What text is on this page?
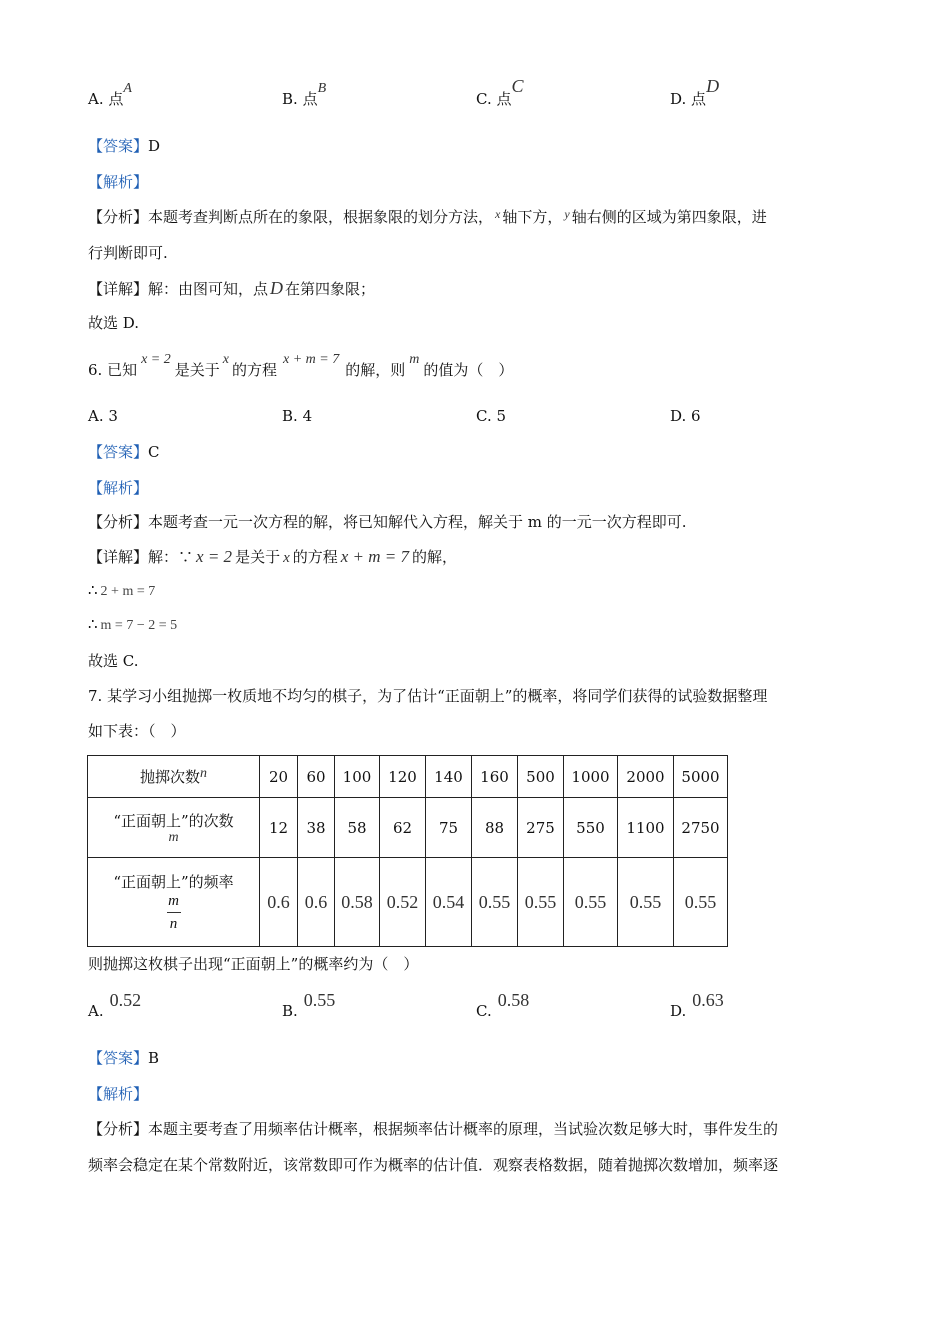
A. 点A
B. 点B
C. 点C
D. 点D
【答案】D
【解析】
【分析】本题考查判断点所在的象限，根据象限的划分方法， $^x$ 轴下方， $^y$ 轴右侧的区域为第四象限，进
行判断即可.
【详解】解：由图可知，点 D 在第四象限；
故选 D.
6. 已知x = 2是关于x的方程x + m = 7的解，则m的值为（　）
A. 3	B. 4	C. 5	D. 6
【答案】C
【解析】
【分析】本题考查一元一次方程的解，将已知解代入方程，解关于 m 的一元一次方程即可.
【详解】解：∵ x = 2 是关于 x 的方程 x + m = 7 的解，
∴ 2 + m = 7
∴ m = 7 − 2 = 5
故选 C.
7. 某学习小组抛掷一枚质地不均匀的棋子，为了估计“正面朝上”的概率，将同学们获得的试验数据整理
如下表：（　）
抛掷次数n	20	60	100	120	140	160	500	1000	2000	5000

“正面朝上”的次数
m	12	38	58	62	75	88	275	550	1100	2750

“正面朝上”的频率
$\frac{m}{n}$	0.6	0.6	0.58	0.52	0.54	0.55	0.55	0.55	0.55	0.55
则抛掷这枚棋子出现“正面朝上”的概率约为（　）
A.0.52
B.0.55
C.0.58
D.0.63
【答案】B
【解析】
【分析】本题主要考查了用频率估计概率，根据频率估计概率的原理，当试验次数足够大时，事件发生的
频率会稳定在某个常数附近，该常数即可作为概率的估计值．观察表格数据，随着抛掷次数增加，频率逐
